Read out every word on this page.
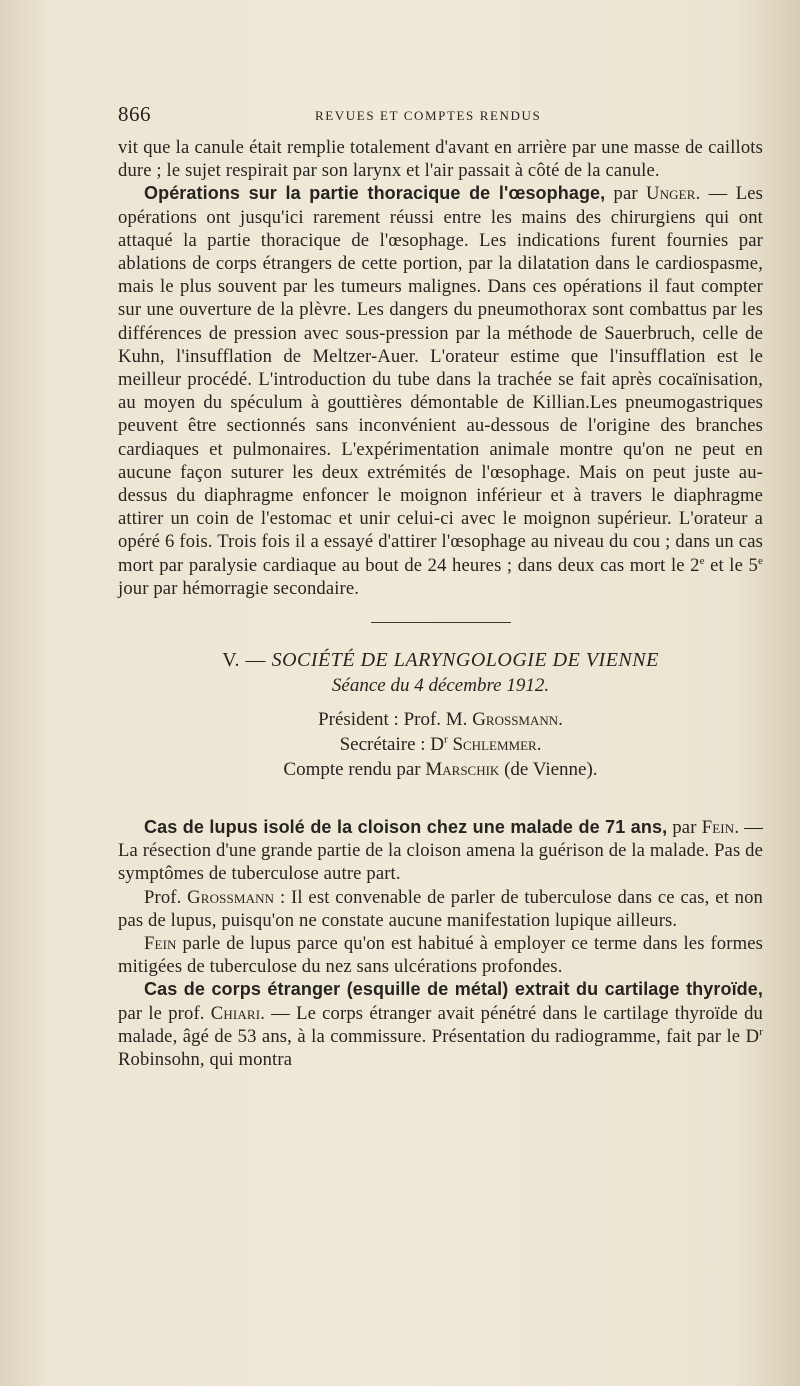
866	REVUES ET COMPTES RENDUS

vit que la canule était remplie totalement d'avant en arrière par une masse de caillots dure ; le sujet respirait par son larynx et l'air passait à côté de la canule.

Opérations sur la partie thoracique de l'œsophage, par Unger. — Les opérations ont jusqu'ici rarement réussi entre les mains des chirurgiens qui ont attaqué la partie thoracique de l'œsophage. Les indications furent fournies par ablations de corps étrangers de cette portion, par la dilatation dans le cardiospasme, mais le plus souvent par les tumeurs malignes. Dans ces opérations il faut compter sur une ouverture de la plèvre. Les dangers du pneumothorax sont combattus par les différences de pression avec sous-pression par la méthode de Sauerbruch, celle de Kuhn, l'insufflation de Meltzer-Auer. L'orateur estime que l'insufflation est le meilleur procédé. L'introduction du tube dans la trachée se fait après cocaïnisation, au moyen du spéculum à gouttières démontable de Killian.Les pneumogastriques peuvent être sectionnés sans inconvénient au-dessous de l'origine des branches cardiaques et pulmonaires. L'expérimentation animale montre qu'on ne peut en aucune façon suturer les deux extrémités de l'œsophage. Mais on peut juste au-dessus du diaphragme enfoncer le moignon inférieur et à travers le diaphragme attirer un coin de l'estomac et unir celui-ci avec le moignon supérieur. L'orateur a opéré 6 fois. Trois fois il a essayé d'attirer l'œsophage au niveau du cou ; dans un cas mort par paralysie cardiaque au bout de 24 heures ; dans deux cas mort le 2e et le 5e jour par hémorragie secondaire.

V. — SOCIÉTÉ DE LARYNGOLOGIE DE VIENNE
Séance du 4 décembre 1912.
Président : Prof. M. Grossmann.
Secrétaire : $D^r$ Schlemmer.
Compte rendu par Marschik (de Vienne).

Cas de lupus isolé de la cloison chez une malade de 71 ans, par Fein. — La résection d'une grande partie de la cloison amena la guérison de la malade. Pas de symptômes de tuberculose autre part.

Prof. Grossmann : Il est convenable de parler de tuberculose dans ce cas, et non pas de lupus, puisqu'on ne constate aucune manifestation lupique ailleurs.

Fein parle de lupus parce qu'on est habitué à employer ce terme dans les formes mitigées de tuberculose du nez sans ulcérations profondes.

Cas de corps étranger (esquille de métal) extrait du cartilage thyroïde, par le prof. Chiari. — Le corps étranger avait pénétré dans le cartilage thyroïde du malade, âgé de 53 ans, à la commissure. Présentation du radiogramme, fait par le $D^r$ Robinsohn, qui montra
